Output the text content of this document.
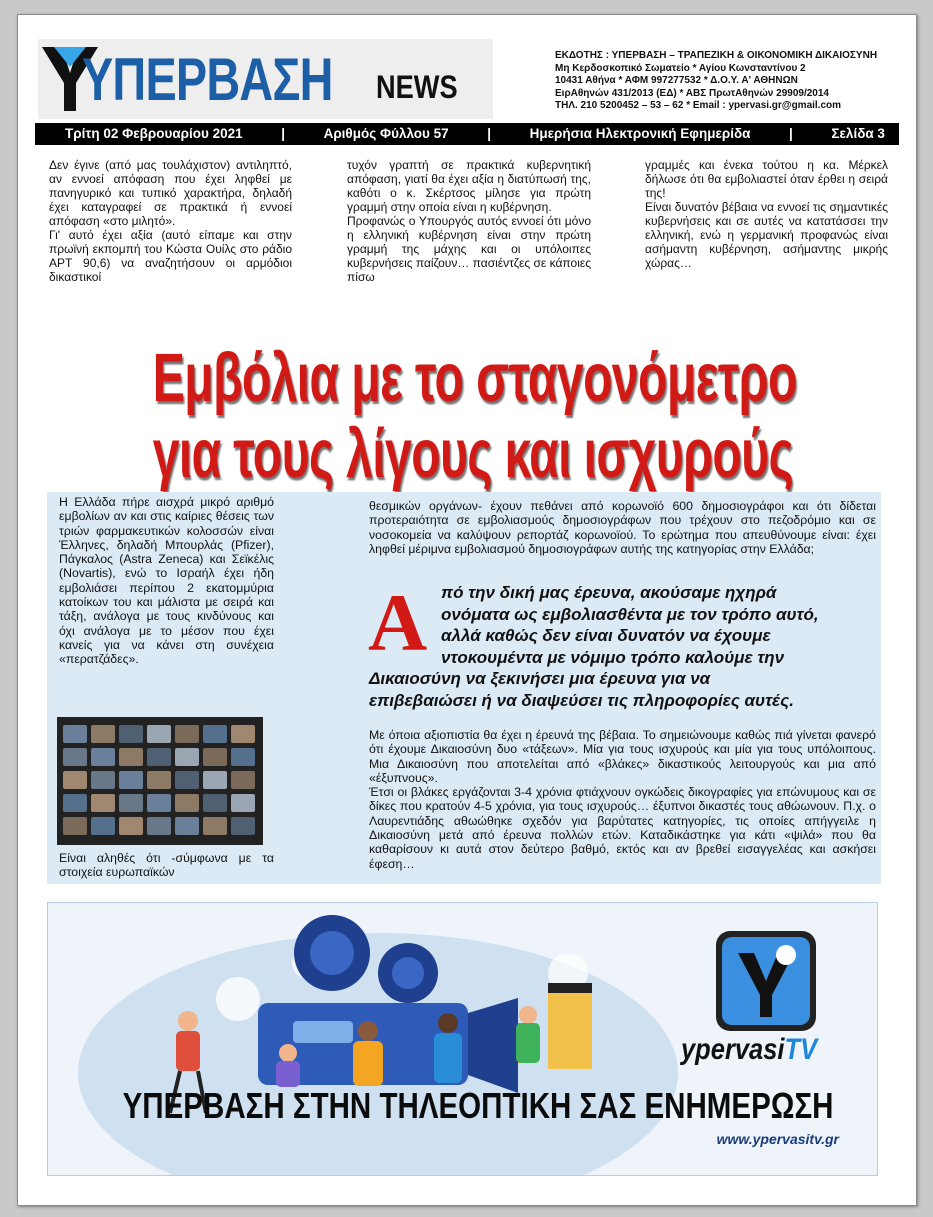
ΥΠΕΡΒΑΣΗ NEWS
ΕΚΔΟΤΗΣ : ΥΠΕΡΒΑΣΗ – ΤΡΑΠΕΖΙΚΗ & ΟΙΚΟΝΟΜΙΚΗ ΔΙΚΑΙΟΣΥΝΗ
Μη Κερδοσκοπικό Σωματείο * Αγίου Κωνσταντίνου 2
10431 Αθήνα * ΑΦΜ 997277532 * Δ.Ο.Υ. Α' ΑΘΗΝΩΝ
ΕιρΑθηνών 431/2013 (ΕΔ) * ΑΒΣ ΠρωτΑθηνών 29909/2014
ΤΗΛ. 210 5200452 – 53 – 62 * Email : ypervasi.gr@gmail.com
Τρίτη 02 Φεβρουαρίου 2021	|	Αριθμός Φύλλου 57	|	Ημερήσια Ηλεκτρονική Εφημερίδα	|	Σελίδα 3

Δεν έγινε (από μας τουλάχιστον) αντιληπτό, αν εννοεί απόφαση που έχει ληφθεί με πανηγυρικό και τυπικό χαρακτήρα, δηλαδή έχει καταγραφεί σε πρακτικά ή εννοεί απόφαση «στο μιλητό».

Γι' αυτό έχει αξία (αυτό είπαμε και στην πρωϊνή εκπομπή του Κώστα Ουίλς στο ράδιο ΑΡΤ 90,6) να αναζητήσουν οι αρμόδιοι δικαστικοί

τυχόν γραπτή σε πρακτικά κυβερνητική απόφαση, γιατί θα έχει αξία η διατύπωσή της, καθότι ο κ. Σκέρτσος μίλησε για πρώτη γραμμή στην οποία είναι η κυβέρνηση.

Προφανώς ο Υπουργός αυτός εννοεί ότι μόνο η ελληνική κυβέρνηση είναι στην πρώτη γραμμή της μάχης και οι υπόλοιπες κυβερνήσεις παίζουν… πασιέντζες σε κάποιες πίσω

γραμμές και ένεκα τούτου η κα. Μέρκελ δήλωσε ότι θα εμβολιαστεί όταν έρθει η σειρά της!

Είναι δυνατόν βέβαια να εννοεί τις σημαντικές κυβερνήσεις και σε αυτές να κατατάσσει την ελληνική, ενώ η γερμανική προφανώς είναι ασήμαντη κυβέρνηση, ασήμαντης μικρής χώρας…

Εμβόλια με το σταγονόμετρο
για τους λίγους και ισχυρούς

Η Ελλάδα πήρε αισχρά μικρό αριθμό εμβολίων αν και στις καίριες θέσεις των τριών φαρμακευτικών κολοσσών είναι Έλληνες, δηλαδή Μπουρλάς (Pfizer), Πάγκαλος (Astra Zeneca) και Σεϊκέλις (Novartis), ενώ το Ισραήλ έχει ήδη εμβολιάσει περίπου 2 εκατομμύρια κατοίκων του και μάλιστα με σειρά και τάξη, ανάλογα με τους κινδύνους και όχι ανάλογα με το μέσον που έχει κανείς για να κάνει στη συνέχεια «περατζάδες».

Είναι αληθές ότι -σύμφωνα με τα στοιχεία ευρωπαϊκών

θεσμικών οργάνων- έχουν πεθάνει από κορωνοϊό 600 δημοσιογράφοι και ότι δίδεται προτεραιότητα σε εμβολιασμούς δημοσιογράφων που τρέχουν στο πεζοδρόμιο και σε νοσοκομεία να καλύψουν ρεπορτάζ κορωνοϊού. Το ερώτημα που απευθύνουμε είναι: έχει ληφθεί μέριμνα εμβολιασμού δημοσιογράφων αυτής της κατηγορίας στην Ελλάδα;

Α πό την δική μας έρευνα, ακούσαμε ηχηρά
ονόματα ως εμβολιασθέντα με τον τρόπο αυτό,
αλλά καθώς δεν είναι δυνατόν να έχουμε
ντοκουμέντα με νόμιμο τρόπο καλούμε την
Δικαιοσύνη να ξεκινήσει μια έρευνα για να
επιβεβαιώσει ή να διαψεύσει τις πληροφορίες αυτές.

Με όποια αξιοπιστία θα έχει η έρευνά της βέβαια. Το σημειώνουμε καθώς πιά γίνεται φανερό ότι έχουμε Δικαιοσύνη δυο «τάξεων». Μία για τους ισχυρούς και μία για τους υπόλοιπους. Μια Δικαιοσύνη που αποτελείται από «βλάκες» δικαστικούς λειτουργούς και μια από «έξυπνους».

Έτσι οι βλάκες εργάζονται 3-4 χρόνια φτιάχνουν ογκώδεις δικογραφίες για επώνυμους και σε δίκες που κρατούν 4-5 χρόνια, για τους ισχυρούς… έξυπνοι δικαστές τους αθώωνουν. Π.χ. ο Λαυρεντιάδης αθωώθηκε σχεδόν για βαρύτατες κατηγορίες, τις οποίες απήγγειλε η Δικαιοσύνη μετά από έρευνα πολλών ετών. Καταδικάστηκε για κάτι «ψιλά» που θα καθαρίσουν κι αυτά στον δεύτερο βαθμό, εκτός και αν βρεθεί εισαγγελέας και ασκήσει έφεση…

ypervasiTV
ΥΠΕΡΒΑΣΗ ΣΤΗΝ ΤΗΛΕΟΠΤΙΚΗ ΣΑΣ ΕΝΗΜΕΡΩΣΗ
www.ypervasitv.gr
